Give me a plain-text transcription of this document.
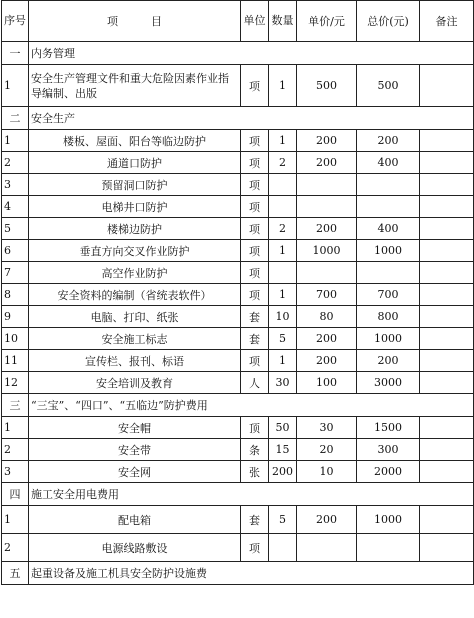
序号	项　　　目	单位	数量	单价/元	总价(元)	备注
一	内务管理					
1	安全生产管理文件和重大危险因素作业指导编制、出版	项	1	500	500	
二	安全生产					
1	楼板、屋面、阳台等临边防护	项	1	200	200	
2	通道口防护	项	2	200	400	
3	预留洞口防护	项				
4	电梯井口防护	项				
5	楼梯边防护	项	2	200	400	
6	垂直方向交叉作业防护	项	1	1000	1000	
7	高空作业防护	项				
8	安全资料的编制（省统表软件）	项	1	700	700	
9	电脑、打印、纸张	套	10	80	800	
10	安全施工标志	套	5	200	1000	
11	宣传栏、报刊、标语	项	1	200	200	
12	安全培训及教育	人	30	100	3000	
三	“三宝”、“四口”、“五临边”防护费用					
1	安全帽	顶	50	30	1500	
2	安全带	条	15	20	300	
3	安全网	张	200	10	2000	
四	施工安全用电费用					
1	配电箱	套	5	200	1000	
2	电源线路敷设	项				
五	起重设备及施工机具安全防护设施费					
